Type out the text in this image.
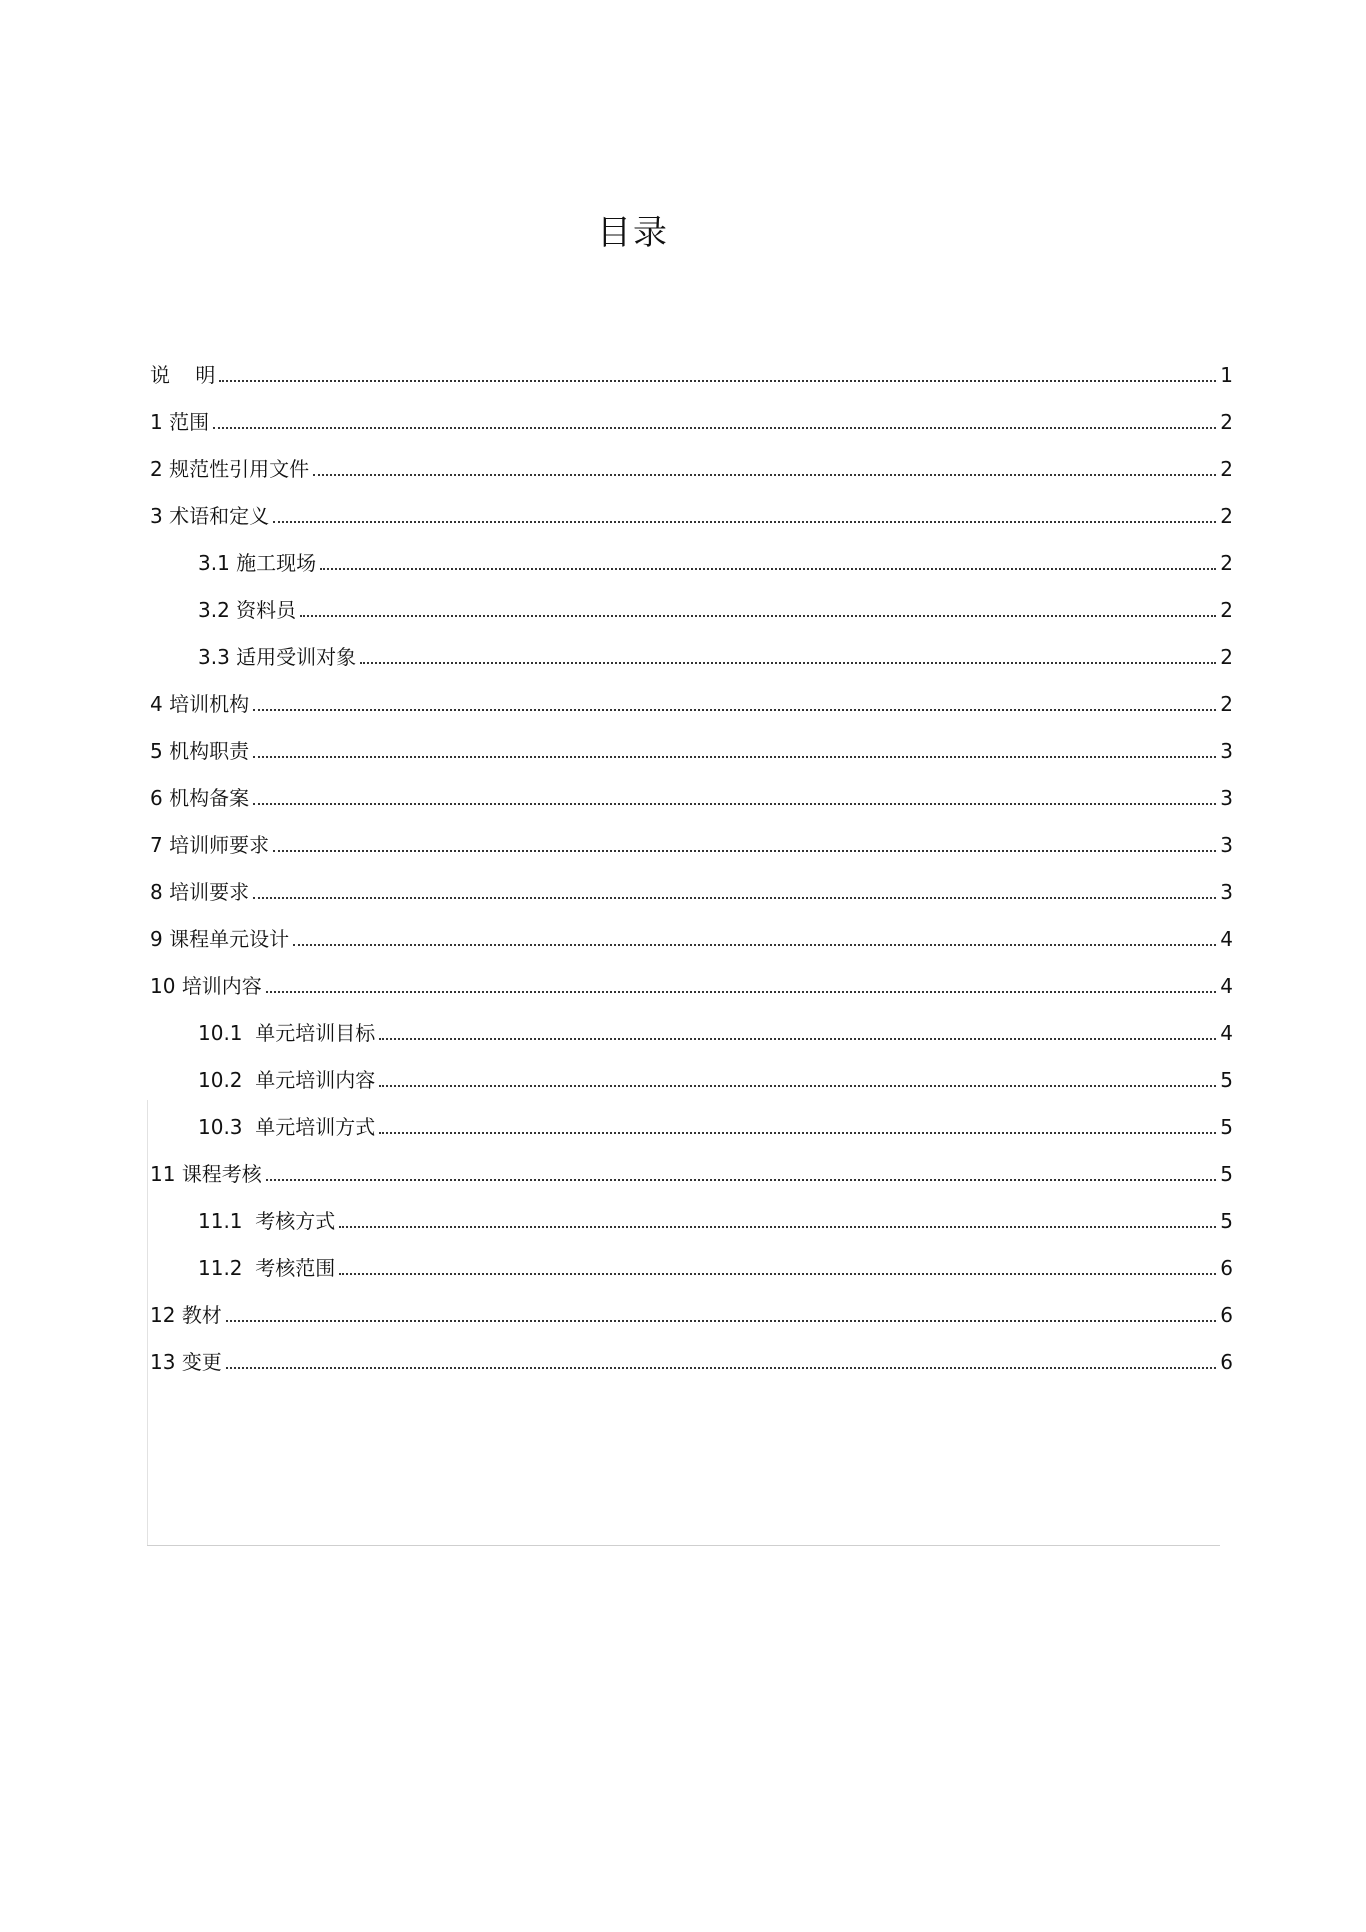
目录
说    明	1
1 范围	2
2 规范性引用文件	2
3 术语和定义	2
3.1 施工现场	2
3.2 资料员	2
3.3 适用受训对象	2
4 培训机构	2
5 机构职责	3
6 机构备案	3
7 培训师要求	3
8 培训要求	3
9 课程单元设计	4
10 培训内容	4
10.1 单元培训目标	4
10.2 单元培训内容	5
10.3 单元培训方式	5
11 课程考核	5
11.1 考核方式	5
11.2 考核范围	6
12 教材	6
13 变更	6
